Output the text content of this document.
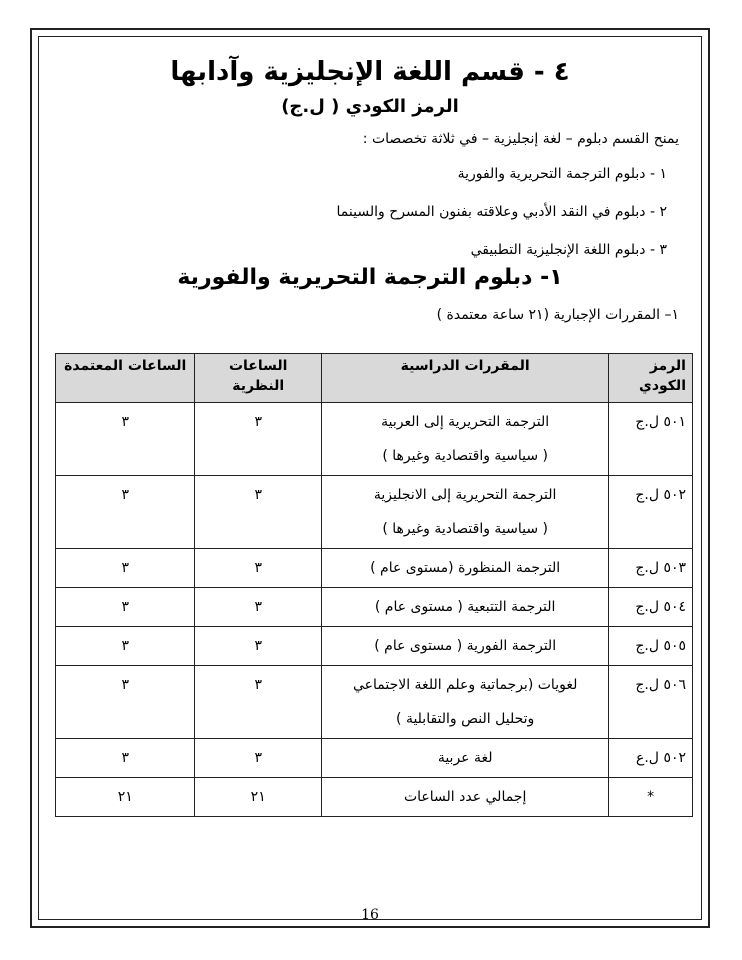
٤ - قسم اللغة الإنجليزية وآدابها
الرمز الكودي ( ل.ج)
يمنح القسم دبلوم – لغة إنجليزية – في ثلاثة تخصصات :
١ - دبلوم الترجمة التحريرية والفورية
٢ - دبلوم في النقد الأدبي وعلاقته بفنون المسرح والسينما
٣ - دبلوم اللغة الإنجليزية التطبيقي
١- دبلوم الترجمة التحريرية والفورية
١– المقررات الإجبارية (٢١ ساعة معتمدة )
الرمز الكودي	المقررات الدراسية	الساعات النظرية	الساعات المعتمدة
٥٠١ ل.ج	الترجمة التحريرية إلى العربية
( سياسية واقتصادية وغيرها )	٣	٣
٥٠٢ ل.ج	الترجمة التحريرية إلى الانجليزية
( سياسية واقتصادية وغيرها )	٣	٣
٥٠٣ ل.ج	الترجمة المنظورة (مستوى عام )	٣	٣
٥٠٤ ل.ج	الترجمة التتبعية ( مستوى عام )	٣	٣
٥٠٥ ل.ج	الترجمة الفورية ( مستوى عام )	٣	٣
٥٠٦ ل.ج	لغويات (برجماتية وعلم اللغة الاجتماعي
وتحليل النص والتقابلية )	٣	٣
٥٠٢ ل.ع	لغة عربية	٣	٣
*	إجمالي عدد الساعات	٢١	٢١
16
